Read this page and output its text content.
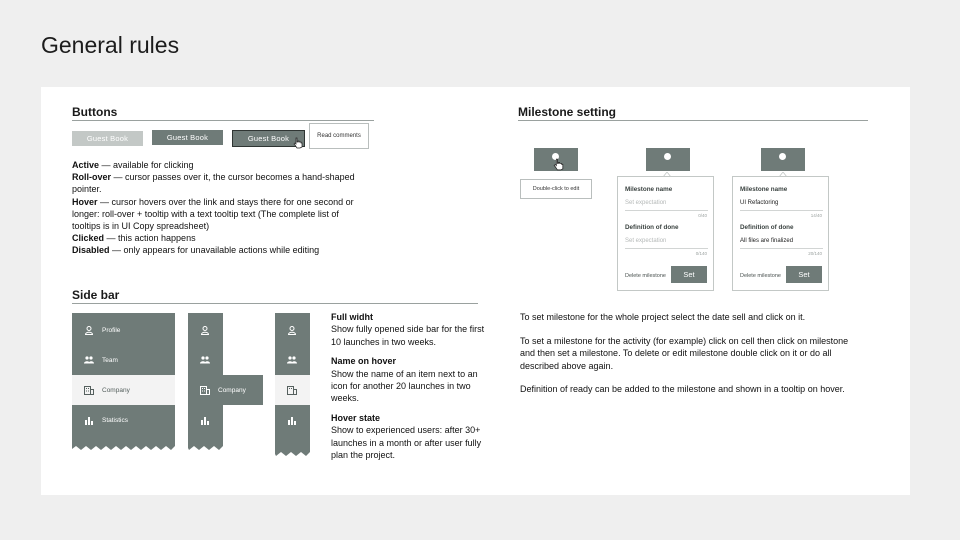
General rules
Buttons
Guest Book	Guest Book	Guest Book	Read comments
Active — available for clicking
Roll-over — cursor passes over it, the cursor becomes a hand-shaped pointer.
Hover — cursor hovers over the link and stays there for one second or longer: roll-over + tooltip with a text tooltip text (The complete list of tooltips is in UI Copy spreadsheet)
Clicked — this action happens
Disabled — only appears for unavailable actions while editing
Side bar
Profile
Team
Company
Statistics
Company
Full widht
Show fully opened side bar for the first 10 launches in two weeks.
Name on hover
Show the name of an item next to an icon for another 20 launches in two weeks.
Hover state
Show to experienced users: after 30+ launches in a month or after user fully plan the project.
Milestone setting
Double-click to edit	Milestone name
Set expectation
0/40
Definition of done
Set expectation
0/140
Delete milestone	Set
Milestone name
UI Refactoring
14/40
Definition of done
All files are finalized
20/140
Delete milestone	Set
To set milestone for the whole project select the date sell and click on it.
To set a milestone for the activity (for example) click on cell then click on milestone and then set a milestone. To delete or edit milestone double click on it or do all described above again.
Definition of ready can be added to the milestone and shown in a tooltip on hover.
